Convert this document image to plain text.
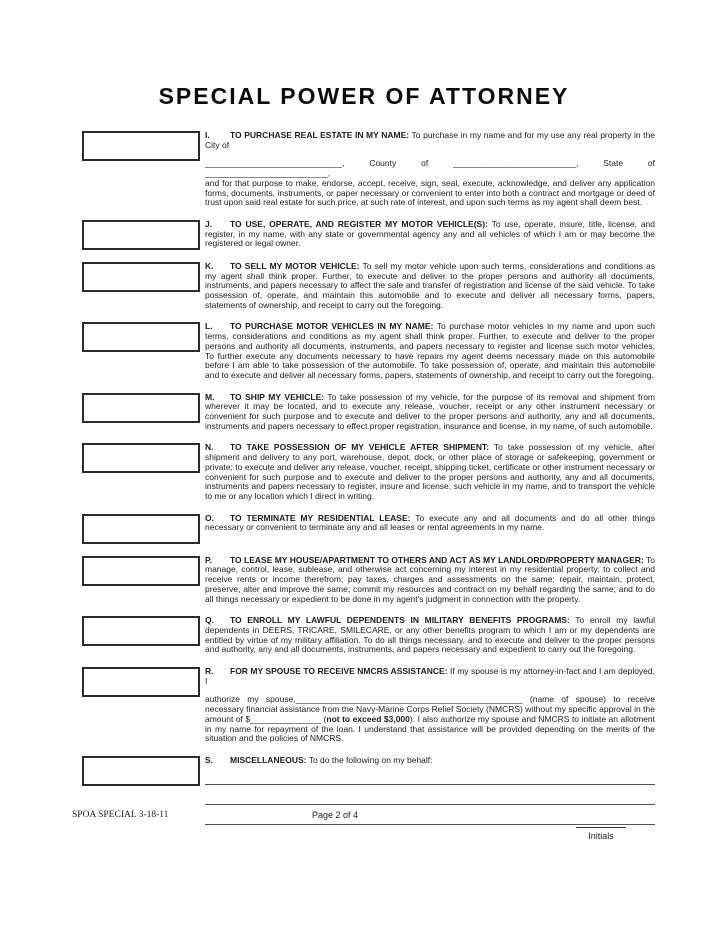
SPECIAL POWER OF ATTORNEY

I. TO PURCHASE REAL ESTATE IN MY NAME: To purchase in my name and for my use any real property in the City of

_____________________________, County of __________________________, State of __________________________,

and for that purpose to make, endorse, accept, receive, sign, seal, execute, acknowledge, and deliver any application forms, documents, instruments, or paper necessary or convenient to enter into both a contract and mortgage or deed of trust upon said real estate for such price, at such rate of interest, and upon such terms as my agent shall deem best.

J. TO USE, OPERATE, AND REGISTER MY MOTOR VEHICLE(S): To use, operate, insure, title, license, and register, in my name, with any state or governmental agency any and all vehicles of which I am or may become the registered or legal owner.

K. TO SELL MY MOTOR VEHICLE: To sell my motor vehicle upon such terms, considerations and conditions as my agent shall think proper. Further, to execute and deliver to the proper persons and authority all documents, instruments, and papers necessary to affect the sale and transfer of registration and license of the said vehicle. To take possession of, operate, and maintain this automobile and to execute and deliver all necessary forms, papers, statements of ownership, and receipt to carry out the foregoing.

L. TO PURCHASE MOTOR VEHICLES IN MY NAME: To purchase motor vehicles in my name and upon such terms, considerations and conditions as my agent shall think proper. Further, to execute and deliver to the proper persons and authority all documents, instruments, and papers necessary to register and license such motor vehicles. To further execute any documents necessary to have repairs my agent deems necessary made on this automobile before I am able to take possession of the automobile. To take possession of, operate, and maintain this automobile and to execute and deliver all necessary forms, papers, statements of ownership, and receipt to carry out the foregoing.

M. TO SHIP MY VEHICLE: To take possession of my vehicle, for the purpose of its removal and shipment from wherever it may be located, and to execute any release, voucher, receipt or any other instrument necessary or convenient for such purpose and to execute and deliver to the proper persons and authority, any and all documents, instruments and papers necessary to effect proper registration, insurance and license, in my name, of such automobile.

N. TO TAKE POSSESSION OF MY VEHICLE AFTER SHIPMENT: To take possession of my vehicle, after shipment and delivery to any port, warehouse, depot, dock, or other place of storage or safekeeping, government or private; to execute and deliver any release, voucher, receipt, shipping ticket, certificate or other instrument necessary or convenient for such purpose and to execute and deliver to the proper persons and authority, any and all documents, instruments and papers necessary to register, insure and license, such vehicle in my name, and to transport the vehicle to me or any location which I direct in writing.

O. TO TERMINATE MY RESIDENTIAL LEASE: To execute any and all documents and do all other things necessary or convenient to terminate any and all leases or rental agreements in my name.

P. TO LEASE MY HOUSE/APARTMENT TO OTHERS AND ACT AS MY LANDLORD/PROPERTY MANAGER: To manage, control, lease, sublease, and otherwise act concerning my interest in my residential property; to collect and receive rents or income therefrom; pay taxes, charges and assessments on the same; repair, maintain, protect, preserve, alter and improve the same; commit my resources and contract on my behalf regarding the same; and to do all things necessary or expedient to be done in my agent's judgment in connection with the property.

Q. TO ENROLL MY LAWFUL DEPENDENTS IN MILITARY BENEFITS PROGRAMS: To enroll my lawful dependents in DEERS, TRICARE, SMILECARE, or any other benefits program to which I am or my dependents are entitled by virtue of my military affiliation. To do all things necessary, and to execute and deliver to the proper persons and authority, any and all documents, instruments, and papers necessary and expedient to carry out the foregoing.

R. FOR MY SPOUSE TO RECEIVE NMCRS ASSISTANCE: If my spouse is my attorney-in-fact and I am deployed, I

authorize my spouse,________________________________________________ (name of spouse) to receive necessary financial assistance from the Navy-Marine Corps Relief Society (NMCRS) without my specific approval in the amount of $_______________ (not to exceed $3,000). I also authorize my spouse and NMCRS to initiate an allotment in my name for repayment of the loan. I understand that assistance will be provided depending on the merits of the situation and the policies of NMCRS.

S. MISCELLANEOUS: To do the following on my behalf:

SPOA SPECIAL 3-18-11	Page 2 of 4
Initials
